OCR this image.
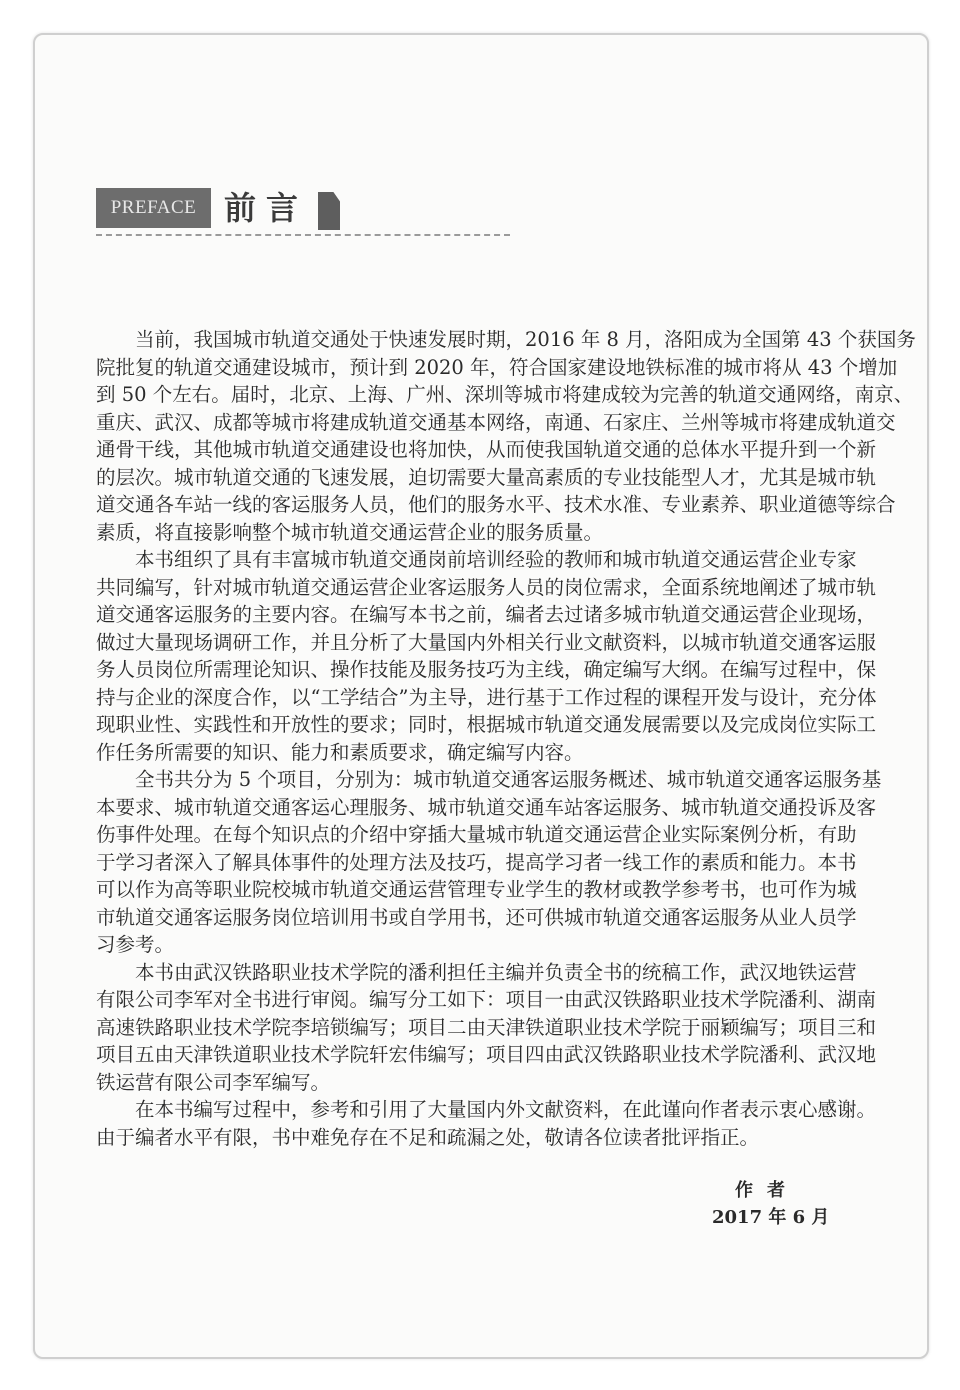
PREFACE 前言
当前，我国城市轨道交通处于快速发展时期，2016 年 8 月，洛阳成为全国第 43 个获国务
院批复的轨道交通建设城市，预计到 2020 年，符合国家建设地铁标准的城市将从 43 个增加
到 50 个左右。届时，北京、上海、广州、深圳等城市将建成较为完善的轨道交通网络，南京、
重庆、武汉、成都等城市将建成轨道交通基本网络，南通、石家庄、兰州等城市将建成轨道交
通骨干线，其他城市轨道交通建设也将加快，从而使我国轨道交通的总体水平提升到一个新
的层次。城市轨道交通的飞速发展，迫切需要大量高素质的专业技能型人才，尤其是城市轨
道交通各车站一线的客运服务人员，他们的服务水平、技术水准、专业素养、职业道德等综合
素质，将直接影响整个城市轨道交通运营企业的服务质量。
本书组织了具有丰富城市轨道交通岗前培训经验的教师和城市轨道交通运营企业专家
共同编写，针对城市轨道交通运营企业客运服务人员的岗位需求，全面系统地阐述了城市轨
道交通客运服务的主要内容。在编写本书之前，编者去过诸多城市轨道交通运营企业现场，
做过大量现场调研工作，并且分析了大量国内外相关行业文献资料，以城市轨道交通客运服
务人员岗位所需理论知识、操作技能及服务技巧为主线，确定编写大纲。在编写过程中，保
持与企业的深度合作，以“工学结合”为主导，进行基于工作过程的课程开发与设计，充分体
现职业性、实践性和开放性的要求；同时，根据城市轨道交通发展需要以及完成岗位实际工
作任务所需要的知识、能力和素质要求，确定编写内容。
全书共分为 5 个项目，分别为：城市轨道交通客运服务概述、城市轨道交通客运服务基
本要求、城市轨道交通客运心理服务、城市轨道交通车站客运服务、城市轨道交通投诉及客
伤事件处理。在每个知识点的介绍中穿插大量城市轨道交通运营企业实际案例分析，有助
于学习者深入了解具体事件的处理方法及技巧，提高学习者一线工作的素质和能力。本书
可以作为高等职业院校城市轨道交通运营管理专业学生的教材或教学参考书，也可作为城
市轨道交通客运服务岗位培训用书或自学用书，还可供城市轨道交通客运服务从业人员学
习参考。
本书由武汉铁路职业技术学院的潘利担任主编并负责全书的统稿工作，武汉地铁运营
有限公司李军对全书进行审阅。编写分工如下：项目一由武汉铁路职业技术学院潘利、湖南
高速铁路职业技术学院李培锁编写；项目二由天津铁道职业技术学院于丽颖编写；项目三和
项目五由天津铁道职业技术学院轩宏伟编写；项目四由武汉铁路职业技术学院潘利、武汉地
铁运营有限公司李军编写。
在本书编写过程中，参考和引用了大量国内外文献资料，在此谨向作者表示衷心感谢。
由于编者水平有限，书中难免存在不足和疏漏之处，敬请各位读者批评指正。
作者
2017 年 6 月
